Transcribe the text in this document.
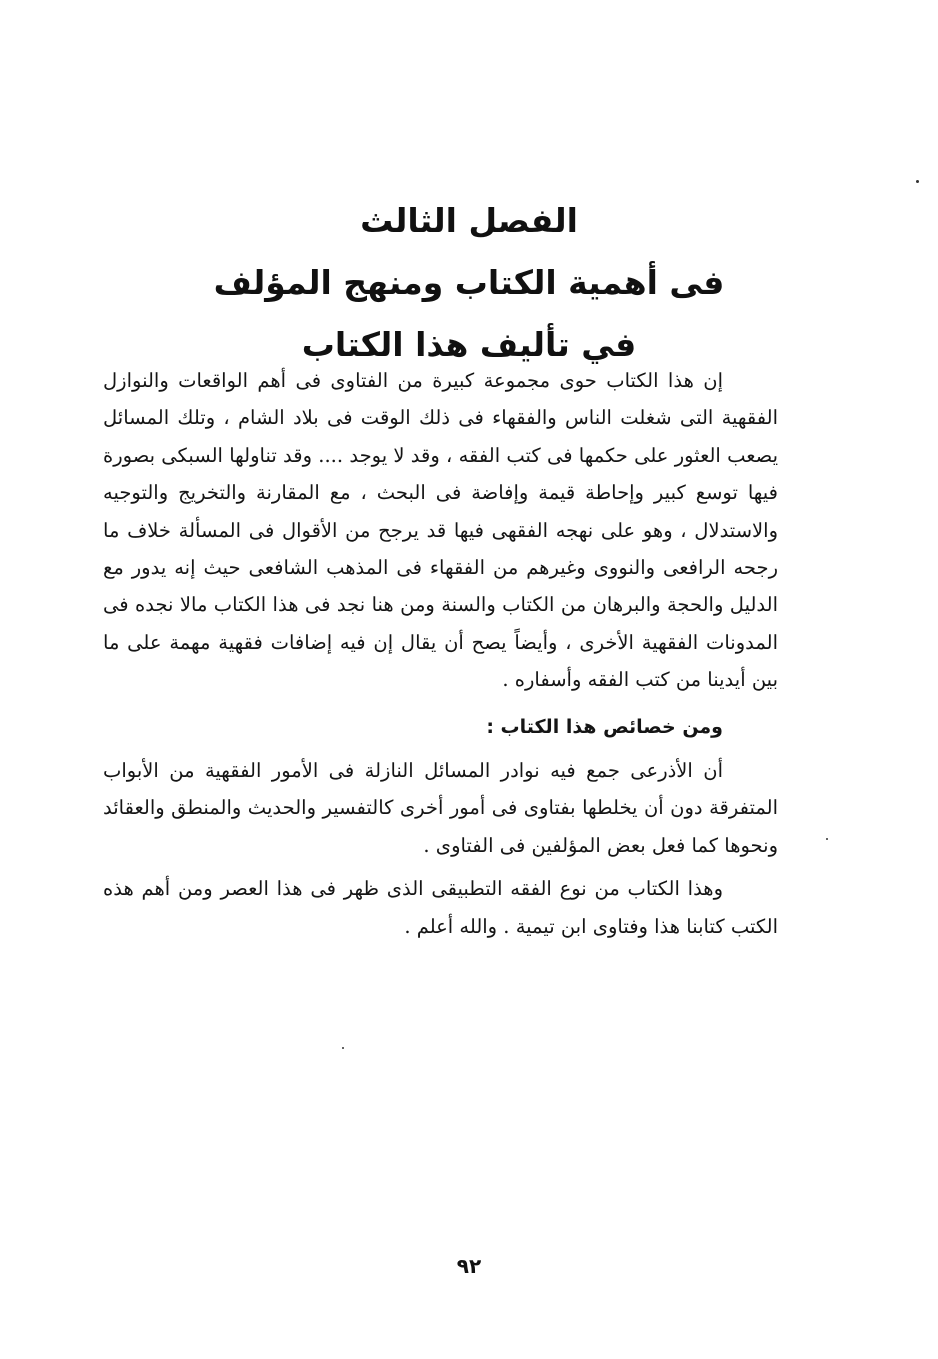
الفصل الثالث

فى أهمية الكتاب ومنهج المؤلف

في تأليف هذا الكتاب

إن هذا الكتاب حوى مجموعة كبيرة من الفتاوى فى أهم الواقعات والنوازل الفقهية التى شغلت الناس والفقهاء فى ذلك الوقت فى بلاد الشام ، وتلك المسائل يصعب العثور على حكمها فى كتب الفقه ، وقد لا يوجد .... وقد تناولها السبكى بصورة فيها توسع كبير وإحاطة قيمة وإفاضة فى البحث ، مع المقارنة والتخريج والتوجيه والاستدلال ، وهو على نهجه الفقهى فيها قد يرجح من الأقوال فى المسألة خلاف ما رجحه الرافعى والنووى وغيرهم من الفقهاء فى المذهب الشافعى حيث إنه يدور مع الدليل والحجة والبرهان من الكتاب والسنة ومن هنا نجد فى هذا الكتاب مالا نجده فى المدونات الفقهية الأخرى ، وأيضاً يصح أن يقال إن فيه إضافات فقهية مهمة على ما بين أيدينا من كتب الفقه وأسفاره .

ومن خصائص هذا الكتاب :

أن الأذرعى جمع فيه نوادر المسائل النازلة فى الأمور الفقهية من الأبواب المتفرقة دون أن يخلطها بفتاوى فى أمور أخرى كالتفسير والحديث والمنطق والعقائد ونحوها كما فعل بعض المؤلفين فى الفتاوى .

وهذا الكتاب من نوع الفقه التطبيقى الذى ظهر فى هذا العصر ومن أهم هذه الكتب كتابنا هذا وفتاوى ابن تيمية . والله أعلم .

٩٢
